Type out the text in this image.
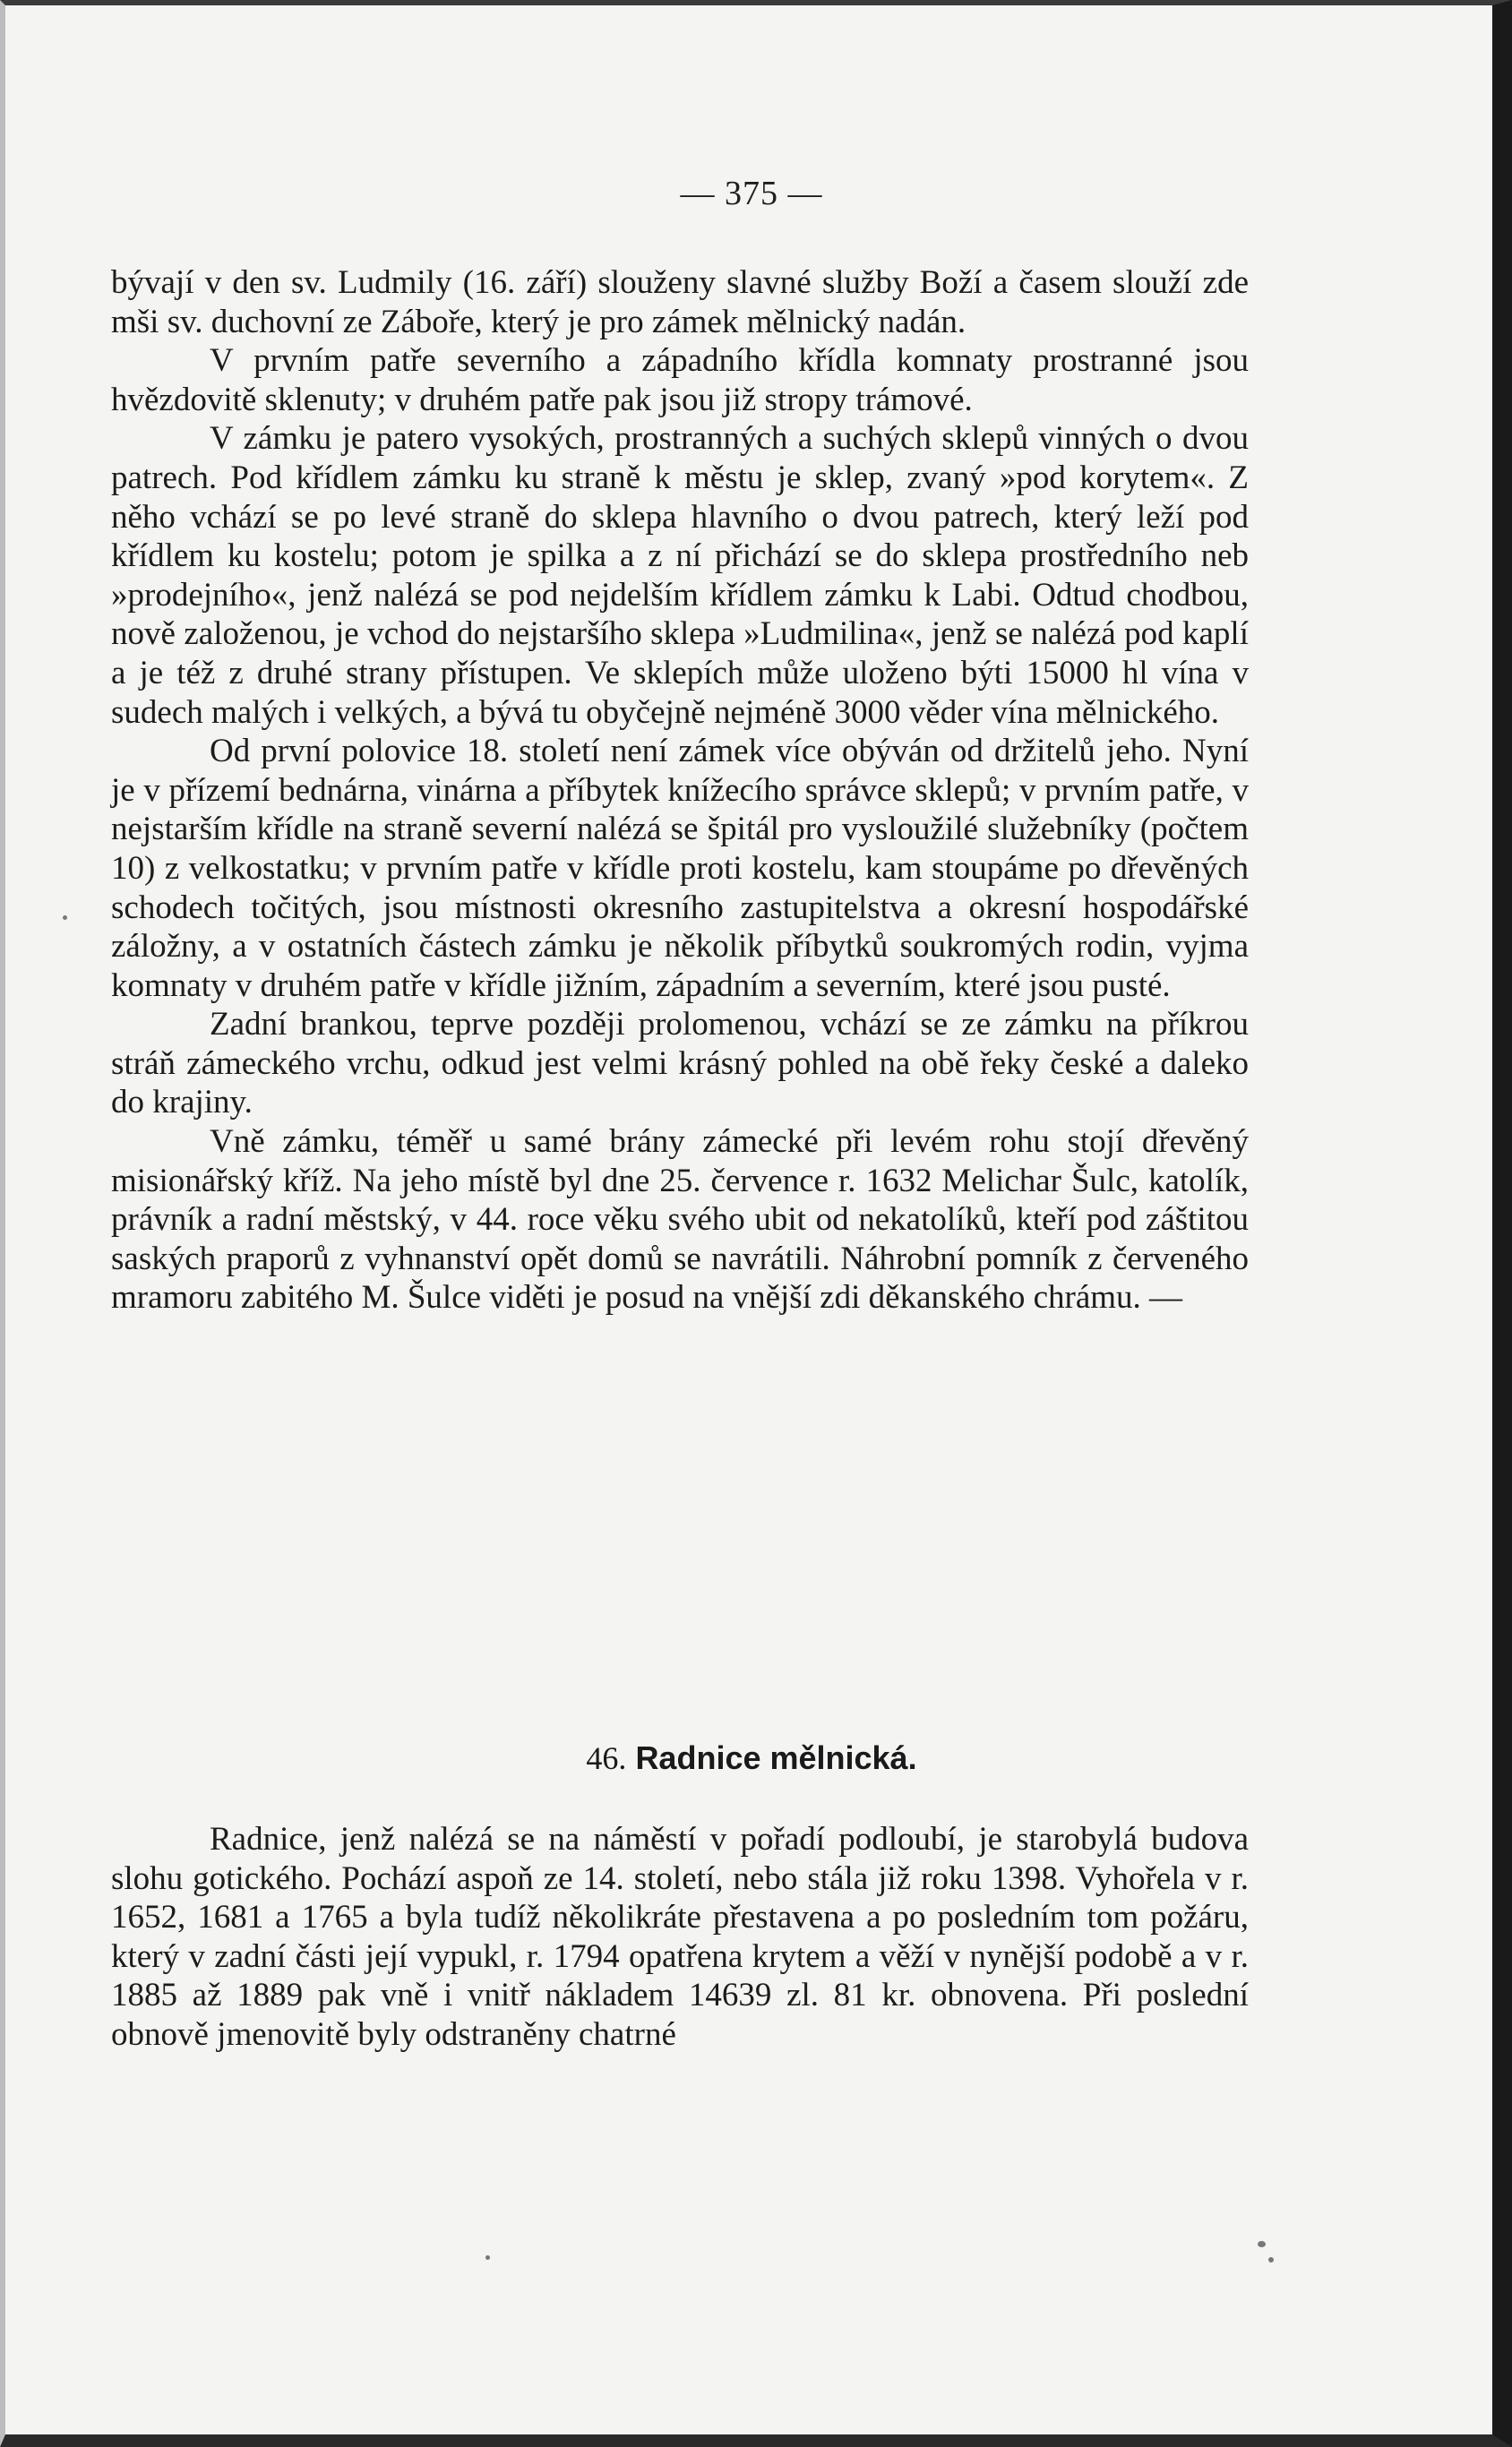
— 375 —

bývají v den sv. Ludmily (16. září) slouženy slavné služby Boží a časem slouží zde mši sv. duchovní ze Záboře, který je pro zámek mělnický nadán.

V prvním patře severního a západního křídla komnaty prostranné jsou hvězdovitě sklenuty; v druhém patře pak jsou již stropy trámové.

V zámku je patero vysokých, prostranných a suchých sklepů vinných o dvou patrech. Pod křídlem zámku ku straně k městu je sklep, zvaný »pod korytem«. Z něho vchází se po levé straně do sklepa hlavního o dvou patrech, který leží pod křídlem ku kostelu; potom je spilka a z ní přichází se do sklepa prostředního neb »prodejního«, jenž nalézá se pod nejdelším křídlem zámku k Labi. Odtud chodbou, nově založenou, je vchod do nejstaršího sklepa »Ludmilina«, jenž se nalézá pod kaplí a je též z druhé strany přístupen. Ve sklepích může uloženo býti 15000 hl vína v sudech malých i velkých, a bývá tu obyčejně nejméně 3000 věder vína mělnického.

Od první polovice 18. století není zámek více obýván od držitelů jeho. Nyní je v přízemí bednárna, vinárna a příbytek knížecího správce sklepů; v prvním patře, v nejstarším křídle na straně severní nalézá se špitál pro vysloužilé služebníky (počtem 10) z velkostatku; v prvním patře v křídle proti kostelu, kam stoupáme po dřevěných schodech točitých, jsou místnosti okresního zastupitelstva a okresní hospodářské záložny, a v ostatních částech zámku je několik příbytků soukromých rodin, vyjma komnaty v druhém patře v křídle jižním, západním a severním, které jsou pusté.

Zadní brankou, teprve později prolomenou, vchází se ze zámku na příkrou stráň zámeckého vrchu, odkud jest velmi krásný pohled na obě řeky české a daleko do krajiny.

Vně zámku, téměř u samé brány zámecké při levém rohu stojí dřevěný misionářský kříž. Na jeho místě byl dne 25. července r. 1632 Melichar Šulc, katolík, právník a radní městský, v 44. roce věku svého ubit od nekatolíků, kteří pod záštitou saských praporů z vyhnanství opět domů se navrátili. Náhrobní pomník z červeného mramoru zabitého M. Šulce viděti je posud na vnější zdi děkanského chrámu. —

46. Radnice mělnická.

Radnice, jenž nalézá se na náměstí v pořadí podloubí, je starobylá budova slohu gotického. Pochází aspoň ze 14. století, nebo stála již roku 1398. Vyhořela v r. 1652, 1681 a 1765 a byla tudíž několikráte přestavena a po posledním tom požáru, který v zadní části její vypukl, r. 1794 opatřena krytem a věží v nynější podobě a v r. 1885 až 1889 pak vně i vnitř nákladem 14639 zl. 81 kr. obnovena. Při poslední obnově jmenovitě byly odstraněny chatrné
